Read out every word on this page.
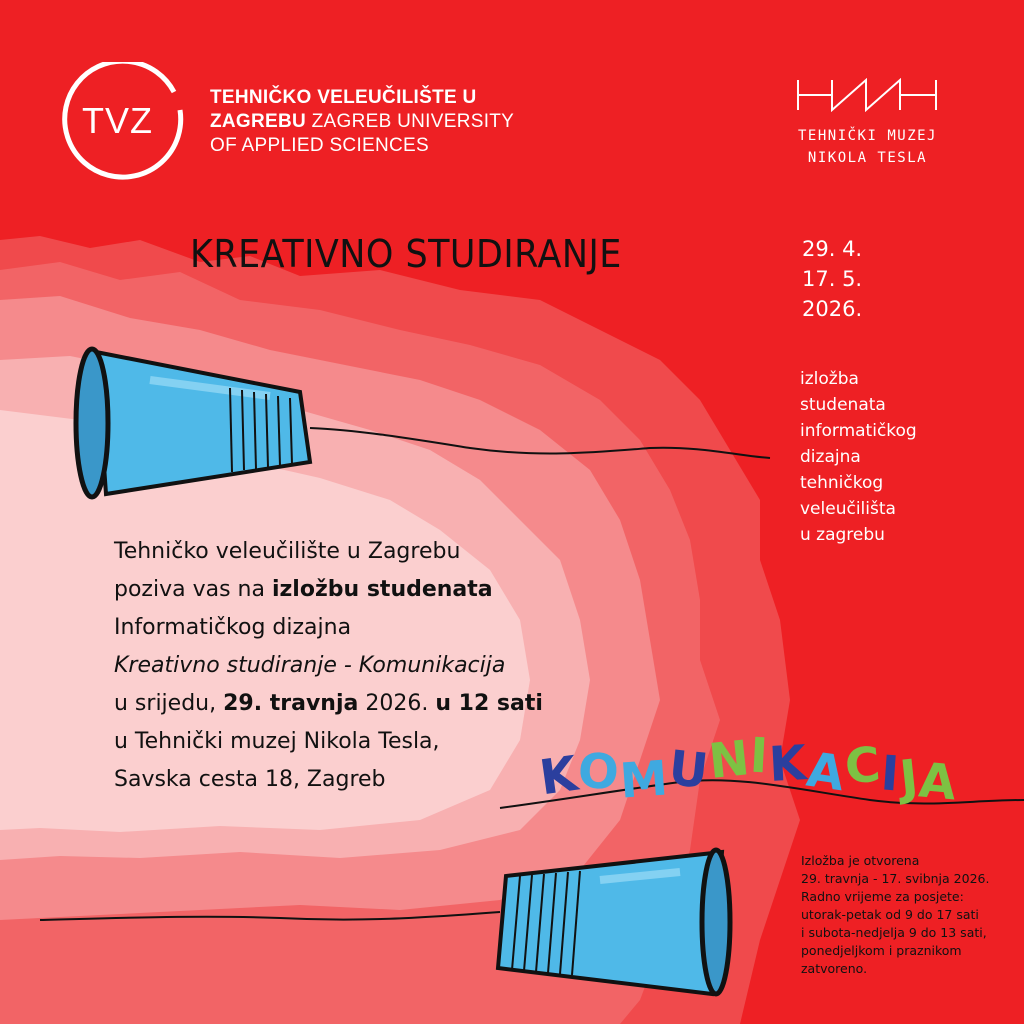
TVZ
TEHNIČKO VELEUČILIŠTE U
ZAGREBU ZAGREB UNIVERSITY
OF APPLIED SCIENCES	TEHNIČKI MUZEJ
NIKOLA TESLA
KREATIVNO STUDIRANJE	29. 4.
17. 5.
2026.
izložba
studenata
informatičkog
dizajna
tehničkog
veleučilišta
u zagrebu
Tehničko veleučilište u Zagrebu
poziva vas na izložbu studenata
Informatičkog dizajna
Kreativno studiranje - Komunikacija
u srijedu, 29. travnja 2026. u 12 sati
u Tehnički muzej Nikola Tesla,
Savska cesta 18, Zagreb	KOMUNIKACIJA
Izložba je otvorena
29. travnja - 17. svibnja 2026.
Radno vrijeme za posjete:
utorak-petak od 9 do 17 sati
i subota-nedjelja 9 do 13 sati,
ponedjeljkom i praznikom
zatvoreno.
